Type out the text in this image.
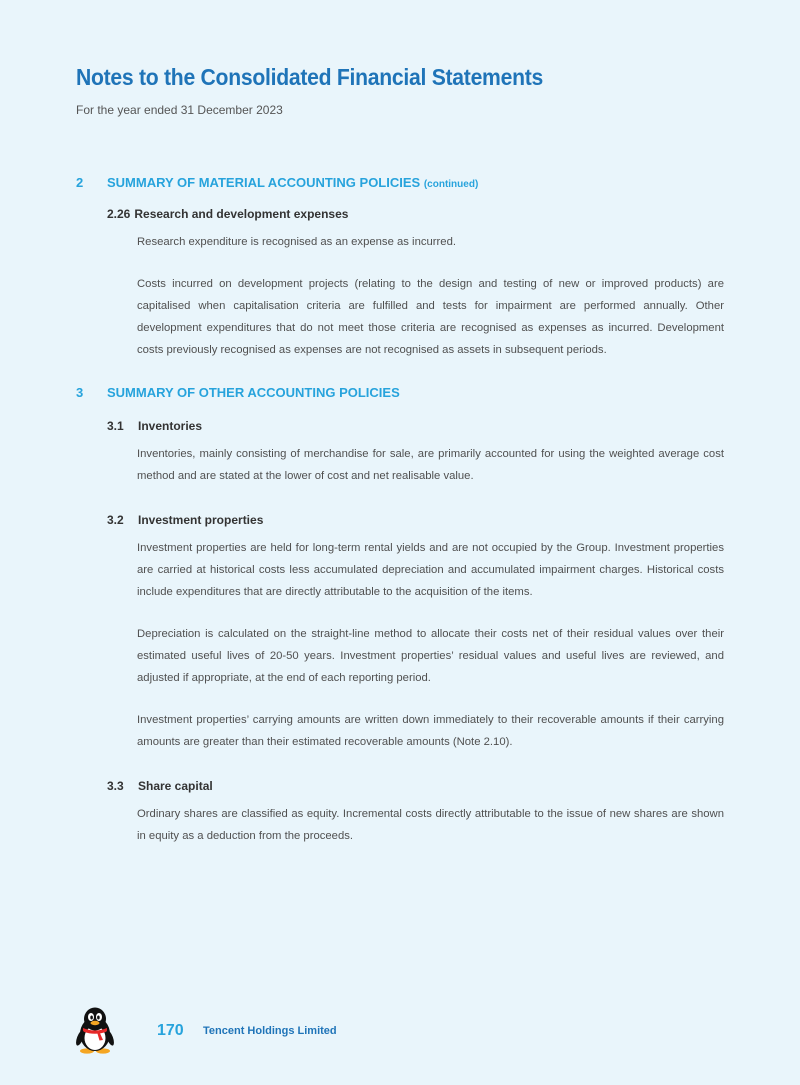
Notes to the Consolidated Financial Statements
For the year ended 31 December 2023
2 SUMMARY OF MATERIAL ACCOUNTING POLICIES (continued)
2.26 Research and development expenses

Research expenditure is recognised as an expense as incurred.

Costs incurred on development projects (relating to the design and testing of new or improved products) are capitalised when capitalisation criteria are fulfilled and tests for impairment are performed annually. Other development expenditures that do not meet those criteria are recognised as expenses as incurred. Development costs previously recognised as expenses are not recognised as assets in subsequent periods.

3 SUMMARY OF OTHER ACCOUNTING POLICIES
3.1 Inventories

Inventories, mainly consisting of merchandise for sale, are primarily accounted for using the weighted average cost method and are stated at the lower of cost and net realisable value.

3.2 Investment properties

Investment properties are held for long-term rental yields and are not occupied by the Group. Investment properties are carried at historical costs less accumulated depreciation and accumulated impairment charges. Historical costs include expenditures that are directly attributable to the acquisition of the items.

Depreciation is calculated on the straight-line method to allocate their costs net of their residual values over their estimated useful lives of 20-50 years. Investment properties’ residual values and useful lives are reviewed, and adjusted if appropriate, at the end of each reporting period.

Investment properties’ carrying amounts are written down immediately to their recoverable amounts if their carrying amounts are greater than their estimated recoverable amounts (Note 2.10).

3.3 Share capital

Ordinary shares are classified as equity. Incremental costs directly attributable to the issue of new shares are shown in equity as a deduction from the proceeds.

170 Tencent Holdings Limited
